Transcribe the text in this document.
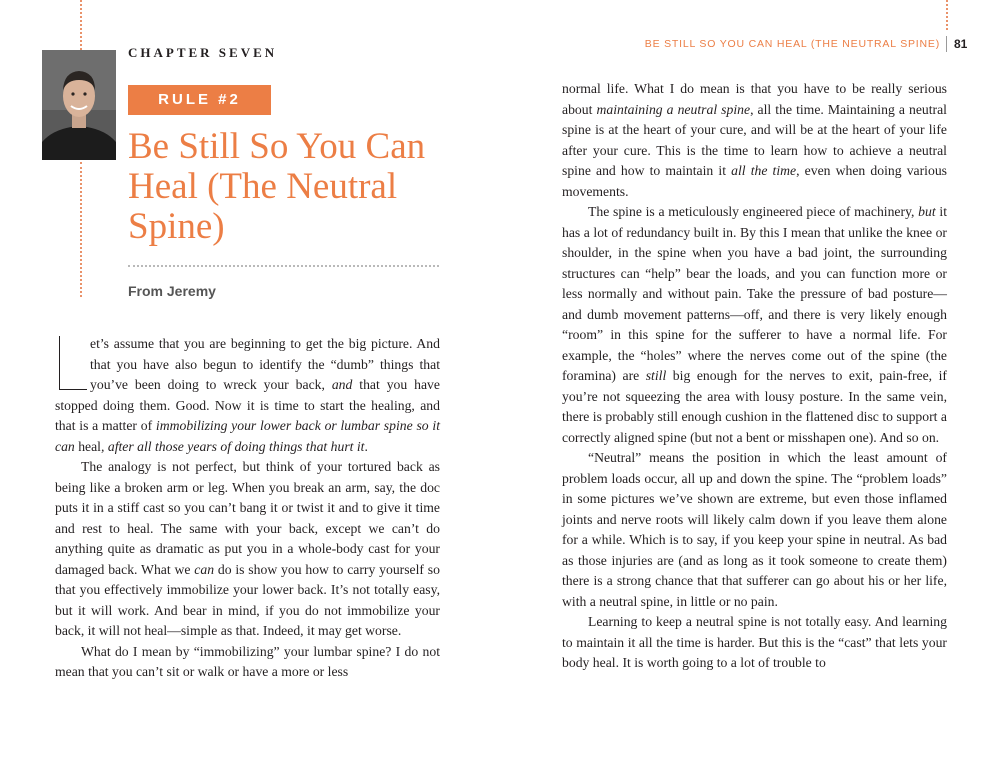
CHAPTER SEVEN
RULE #2
Be Still So You Can Heal (The Neutral Spine)

From Jeremy

et’s assume that you are beginning to get the big picture. And that you have also begun to identify the “dumb” things that you’ve been doing to wreck your back, and that you have stopped doing them. Good. Now it is time to start the healing, and that is a matter of immobilizing your lower back or lumbar spine so it can heal, after all those years of doing things that hurt it.

The analogy is not perfect, but think of your tortured back as being like a broken arm or leg. When you break an arm, say, the doc puts it in a stiff cast so you can’t bang it or twist it and to give it time and rest to heal. The same with your back, except we can’t do anything quite as dramatic as put you in a whole-body cast for your damaged back. What we can do is show you how to carry yourself so that you effectively immobilize your lower back. It’s not totally easy, but it will work. And bear in mind, if you do not immobilize your back, it will not heal—simple as that. Indeed, it may get worse.

What do I mean by “immobilizing” your lumbar spine? I do not mean that you can’t sit or walk or have a more or less

BE STILL SO YOU CAN HEAL (THE NEUTRAL SPINE) 81

normal life. What I do mean is that you have to be really serious about maintaining a neutral spine, all the time. Maintaining a neutral spine is at the heart of your cure, and will be at the heart of your life after your cure. This is the time to learn how to achieve a neutral spine and how to maintain it all the time, even when doing various movements.

The spine is a meticulously engineered piece of machinery, but it has a lot of redundancy built in. By this I mean that unlike the knee or shoulder, in the spine when you have a bad joint, the surrounding structures can “help” bear the loads, and you can function more or less normally and without pain. Take the pressure of bad posture—and dumb movement patterns—off, and there is very likely enough “room” in this spine for the sufferer to have a normal life. For example, the “holes” where the nerves come out of the spine (the foramina) are still big enough for the nerves to exit, pain-free, if you’re not squeezing the area with lousy posture. In the same vein, there is probably still enough cushion in the flattened disc to support a correctly aligned spine (but not a bent or misshapen one). And so on.

“Neutral” means the position in which the least amount of problem loads occur, all up and down the spine. The “problem loads” in some pictures we’ve shown are extreme, but even those inflamed joints and nerve roots will likely calm down if you leave them alone for a while. Which is to say, if you keep your spine in neutral. As bad as those injuries are (and as long as it took someone to create them) there is a strong chance that that sufferer can go about his or her life, with a neutral spine, in little or no pain.

Learning to keep a neutral spine is not totally easy. And learning to maintain it all the time is harder. But this is the “cast” that lets your body heal. It is worth going to a lot of trouble to
